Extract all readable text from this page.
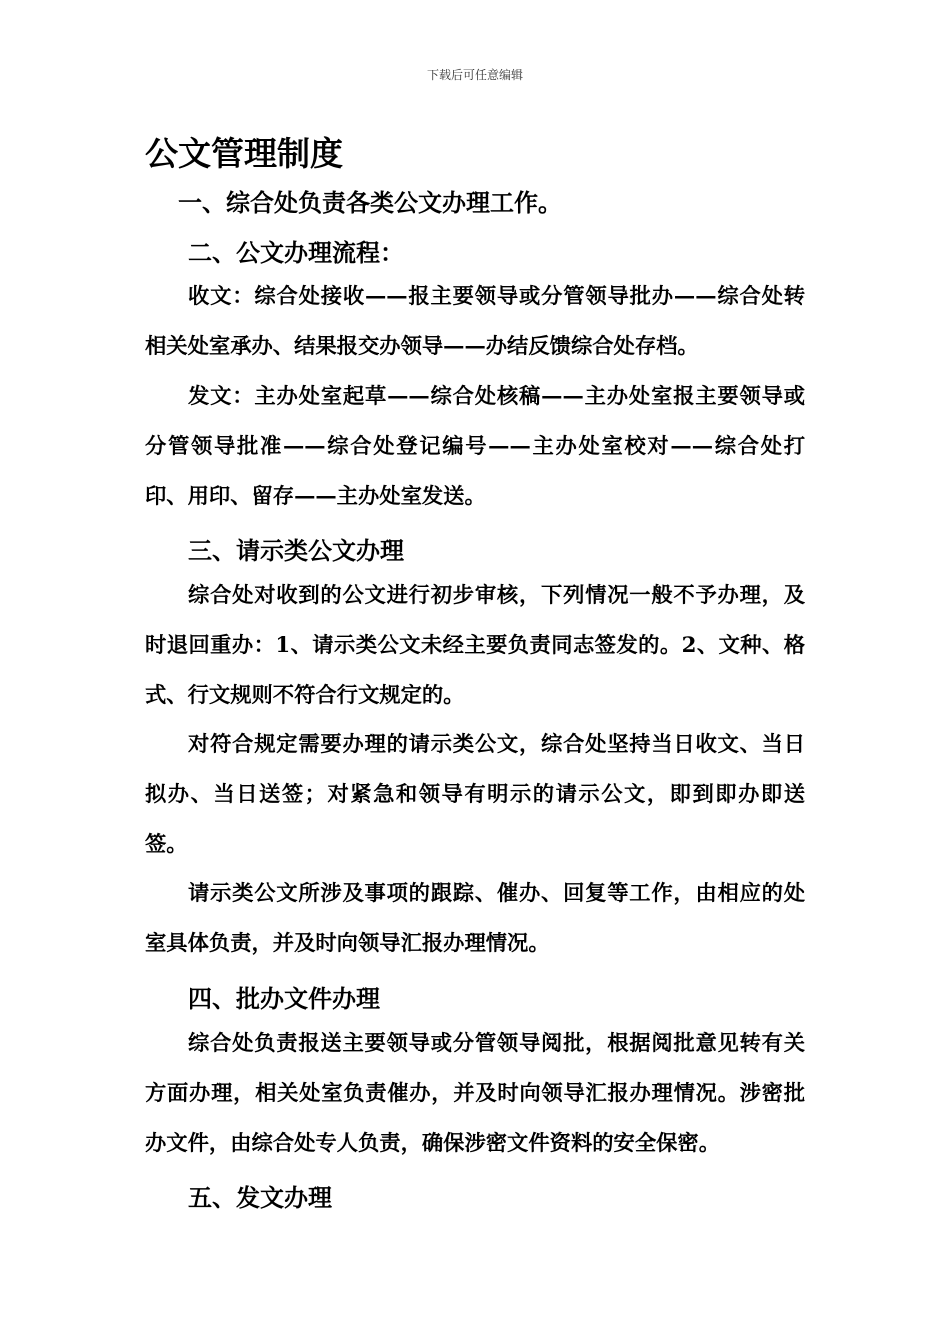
下载后可任意编辑
公文管理制度
一、综合处负责各类公文办理工作。
二、公文办理流程：

收文：综合处接收——报主要领导或分管领导批办——综合处转相关处室承办、结果报交办领导——办结反馈综合处存档。

发文：主办处室起草——综合处核稿——主办处室报主要领导或分管领导批准——综合处登记编号——主办处室校对——综合处打印、用印、留存——主办处室发送。

三、请示类公文办理

综合处对收到的公文进行初步审核，下列情况一般不予办理，及时退回重办：1、请示类公文未经主要负责同志签发的。2、文种、格式、行文规则不符合行文规定的。

对符合规定需要办理的请示类公文，综合处坚持当日收文、当日拟办、当日送签；对紧急和领导有明示的请示公文，即到即办即送签。

请示类公文所涉及事项的跟踪、催办、回复等工作，由相应的处室具体负责，并及时向领导汇报办理情况。

四、批办文件办理

综合处负责报送主要领导或分管领导阅批，根据阅批意见转有关方面办理，相关处室负责催办，并及时向领导汇报办理情况。涉密批办文件，由综合处专人负责，确保涉密文件资料的安全保密。

五、发文办理
